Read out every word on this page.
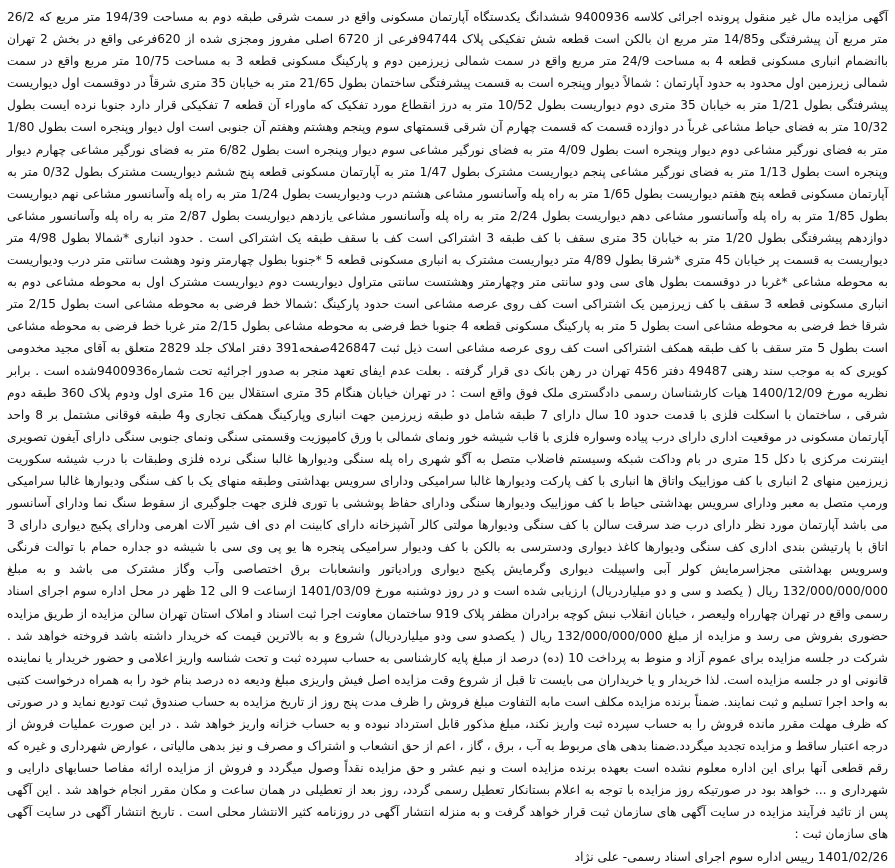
آگهی مزایده مال غیر منقول پرونده اجرائی کلاسه 9400936 ششدانگ یکدستگاه آپارتمان مسکونی واقع در سمت شرقی طبقه دوم به مساحت 194/39 متر مربع که 26/2 متر مربع آن پیشرفتگی و14/85 متر مربع ان بالکن است قطعه شش تفکیکی پلاک 94744فرعی از 6720 اصلی مفروز ومجزی شده از 620فرعی واقع در بخش 2 تهران باانضمام انباری مسکونی قطعه 4 به مساحت 24/9 متر مربع واقع در سمت شمالی زیرزمین دوم و پارکینگ مسکونی قطعه 3 به مساحت 10/75 متر مربع واقع در سمت شمالی زیرزمین اول محدود به حدود آپارتمان : شمالاً دیوار وپنجره است به قسمت پیشرفتگی ساختمان بطول 21/65 متر به خیابان 35 متری شرقاً در دوقسمت اول دیواریست پیشرفتگی بطول 1/21 متر به خیابان 35 متری دوم دیواریست بطول 10/52 متر به درز انقطاع مورد تفکیک که ماوراء آن قطعه 7 تفکیکی قرار دارد جنوبا نرده ایست بطول 10/32 متر به فضای حیاط مشاعی غرباً در دوازده قسمت که قسمت چهارم آن شرقی قسمتهای سوم وپنجم وهشتم وهفتم آن جنوبی است اول دیوار وپنجره است بطول 1/80 متر به فضای نورگیر مشاعی دوم دیوار وپنجره است بطول 4/09 متر به فضای نورگیر مشاعی سوم دیوار وپنجره است بطول 6/82 متر به فضای نورگیر مشاعی چهارم دیوار وپنجره است بطول 1/13 متر به فضای نورگیر مشاعی پنجم دیواریست مشترک بطول 1/47 متر به آپارتمان مسکونی قطعه پنج ششم دیواریست مشترک بطول 0/32 متر به آپارتمان مسکونی قطعه پنج هفتم دیواریست بطول 1/65 متر به راه پله وآسانسور مشاعی هشتم درب ودیواریست بطول 1/24 متر به راه پله وآسانسور مشاعی نهم دیواریست بطول 1/85 متر به راه پله وآسانسور مشاعی دهم دیواریست بطول 2/24 متر به راه پله وآسانسور مشاعی یازدهم دیواریست بطول 2/87 متر به راه پله وآسانسور مشاعی دوازدهم پیشرفتگی بطول 1/20 متر به خیابان 35 متری سقف با کف طبقه 3 اشتراکی است کف با سقف طبقه یک اشتراکی است . حدود انباری *شمالا بطول 4/98 متر دیواریست به قسمت پر خیابان 45 متری *شرقا بطول 4/89 متر دیواریست مشترک به انباری مسکونی قطعه 5 *جنوبا بطول چهارمتر ونود وهشت سانتی متر درب ودیواریست به محوطه مشاعی *غربا در دوقسمت بطول های سی ودو سانتی متر وچهارمتر وهشتست سانتی متراول دیواریست دوم دیواریست مشترک اول به محوطه مشاعی دوم به انباری مسکونی قطعه 3 سقف با کف زیرزمین یک اشتراکی است کف روی عرصه مشاعی است حدود پارکینگ :شمالا خط فرضی به محوطه مشاعی است بطول 2/15 متر شرقا خط فرضی به محوطه مشاعی است بطول 5 متر به پارکینگ مسکونی قطعه 4 جنوبا خط فرضی به محوطه مشاعی بطول 2/15 متر غربا خط فرضی به محوطه مشاعی است بطول 5 متر سقف با کف طبقه همکف اشتراکی است کف روی عرصه مشاعی است ذیل ثبت 426847صفحه391 دفتر املاک جلد 2829 متعلق به آقای مجید مخدومی کویری که به موجب سند رهنی 49487 دفتر 456 تهران در رهن بانک دی قرار گرفته . بعلت عدم ایفای تعهد منجر به صدور اجرائیه تحت شماره9400936شده است . برابر نظریه مورخ 1400/12/09 هیات کارشناسان رسمی دادگستری ملک فوق واقع است : در تهران خیابان هنگام 35 متری استقلال بین 16 متری اول ودوم پلاک 360 طبقه دوم شرقی ، ساختمان با اسکلت فلزی با قدمت حدود 10 سال دارای 7 طبقه شامل دو طبقه زیرزمین جهت انباری وپارکینگ همکف تجاری و4 طبقه فوقانی مشتمل بر 8 واحد آپارتمان مسکونی در موقعیت اداری دارای درب پیاده وسواره فلزی با قاب شیشه خور ونمای شمالی با ورق کامپوزیت وقسمتی سنگی ونمای جنوبی سنگی دارای آیفون تصویری اینترنت مرکزی با دکل 15 متری در بام وداکت شبکه وسیستم فاضلاب متصل به آگو شهری راه پله سنگی ودیوارها غالبا سنگی نرده فلزی وطبقات با درب شیشه سکوریت زیرزمین منهای 2 انباری با کف موزاییک واتاق ها انباری با کف پارکت ودیوارها غالبا سرامیکی ودارای سرویس بهداشتی وطبقه منهای یک با کف سنگی ودیوارها غالبا سرامیکی ورمپ متصل به معبر ودارای سرویس بهداشتی حیاط با کف موزاییک ودیوارها سنگی ودارای حفاظ پوششی با توری فلزی جهت جلوگیری از سقوط سنگ نما ودارای آسانسور می باشد آپارتمان مورد نظر دارای درب ضد سرقت سالن با کف سنگی ودیوارها مولتی کالر آشپزخانه دارای کابینت ام دی اف شیر آلات اهرمی ودارای پکیج دیواری دارای 3 اتاق با پارتیشن بندی اداری کف سنگی ودیوارها کاغذ دیواری ودسترسی به بالکن با کف ودیوار سرامیکی پنجره ها یو پی وی سی با شیشه دو جداره حمام با توالت فرنگی وسرویس بهداشتی مجزاسرمایش کولر آبی واسپیلت دیواری وگرمایش پکیج دیواری ورادیاتور وانشعابات برق اختصاصی وآب وگاز مشترک می باشد و به مبلغ 132/000/000/000 ریال ( یکصد و سی و دو میلیاردریال) ارزیابی شده است و در روز دوشنبه مورخ 1401/03/09 ازساعت 9 الی 12 ظهر در محل اداره سوم اجرای اسناد رسمی واقع در تهران چهارراه ولیعصر ، خیابان انقلاب نبش کوچه برادران مظفر پلاک 919 ساختمان معاونت اجرا ثبت اسناد و املاک استان تهران سالن مزایده از طریق مزایده حضوری بفروش می رسد و مزایده از مبلغ 132/000/000/000 ریال ( یکصدو سی ودو میلیاردریال) شروع و به بالاترین قیمت که خریدار داشته باشد فروخته خواهد شد . شرکت در جلسه مزایده برای عموم آزاد و منوط به پرداخت 10 (ده) درصد از مبلغ پایه کارشناسی به حساب سپرده ثبت و تحت شناسه واریز اعلامی و حضور خریدار یا نماینده قانونی او در جلسه مزایده است. لذا خریدار و یا خریداران می بایست تا قبل از شروع وقت مزایده اصل فیش واریزی مبلغ ودیعه ده درصد بنام خود را به همراه درخواست کتبی به واحد اجرا تسلیم و ثبت نمایند. ضمناً برنده مزایده مکلف است مابه التفاوت مبلغ فروش را ظرف مدت پنج روز از تاریخ مزایده به حساب صندوق ثبت تودیع نماید و در صورتی که ظرف مهلت مقرر مانده فروش را به حساب سپرده ثبت واریز نکند، مبلغ مذکور قابل استرداد نبوده و به حساب خزانه واریز خواهد شد . در این صورت عملیات فروش از درجه اعتبار ساقط و مزایده تجدید میگردد.ضمنا بدهی های مربوط به آب ، برق ، گاز ، اعم از حق انشعاب و اشتراک و مصرف و نیز بدهی مالیاتی ، عوارض شهرداری و غیره که رقم قطعی آنها برای این اداره معلوم نشده است بعهده برنده مزایده است و نیم عشر و حق مزایده نقداً وصول میگردد و فروش از مزایده ارائه مفاصا حسابهای دارایی و شهرداری و ... خواهد بود در صورتیکه روز مزایده با توجه به اعلام بستانکار تعطیل رسمی گردد، روز بعد از تعطیلی در همان ساعت و مکان مقرر انجام خواهد شد . این آگهی پس از تائید فرآیند مزایده در سایت آگهی های سازمان ثبت قرار خواهد گرفت و به منزله انتشار آگهی در روزنامه کثیر الانتشار محلی است . تاریخ انتشار آگهی در سایت آگهی های سازمان ثبت :

1401/02/26 رییس اداره سوم اجرای اسناد رسمی- علی نژاد
